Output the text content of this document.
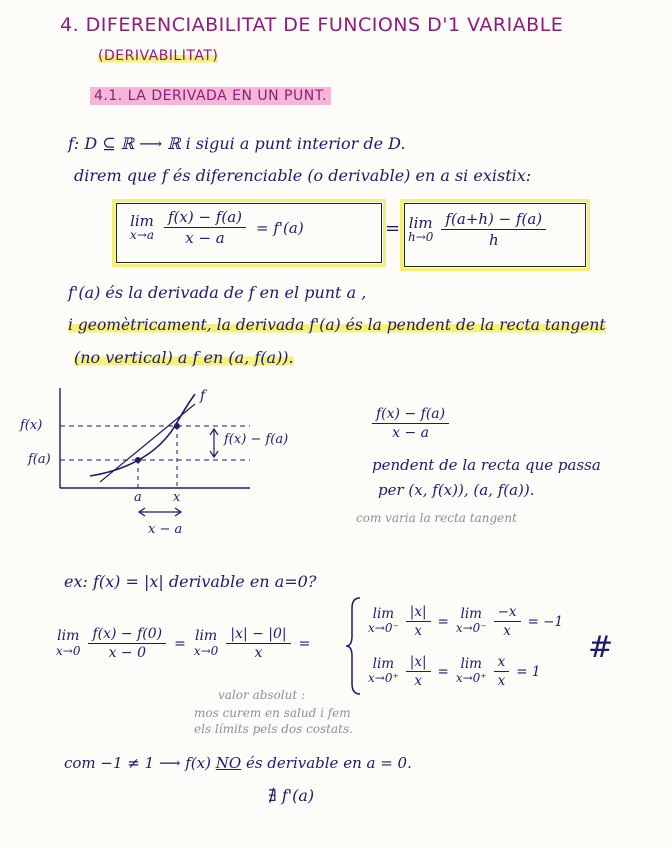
4. DIFERENCIABILITAT DE FUNCIONS D'1 VARIABLE
(DERIVABILITAT)
4.1. LA DERIVADA EN UN PUNT.
f: D ⊆ ℝ ⟶ ℝ i sigui a punt interior de D.
direm que f és diferenciable (o derivable) en a si existix:
lim
$x\to a \frac{f(x) - f(a)}{x - a} = f'(a)$	= lim
$h\to 0 \frac{f(a+h) - f(a)}{h}$
f'(a) és la derivada de f en el punt a ,
i geomètricament, la derivada f'(a) és la pendent de la recta tangent
(no vertical) a f en (a, f(a)).
f
f(x)
f(a)
a x
f(x) − f(a)
x − a
$\frac{f(x) - f(a)}{x - a}$
pendent de la recta que passa
per (x, f(x)), (a, f(a)).
com varia la recta tangent
ex: f(x) = |x| derivable en a=0?
lim
$x\to 0 \frac{f(x) - f(0)}{x - 0} = \lim$
$x\to 0 \frac{|x| - |0|}{x}$ =
lim
$x\to 0^- \frac{|x|}{x} = \lim$
$x\to 0^- \frac{-x}{x} = -1$
lim
$x\to 0^+ \frac{|x|}{x} = \lim$
$x\to 0^+ \frac{x}{x} = 1$
#
valor absolut :
mos curem en salud i fem
els límits pels dos costats.
com −1 ≠ 1 ⟶ f(x) NO és derivable en a = 0.
∄ f'(a)
